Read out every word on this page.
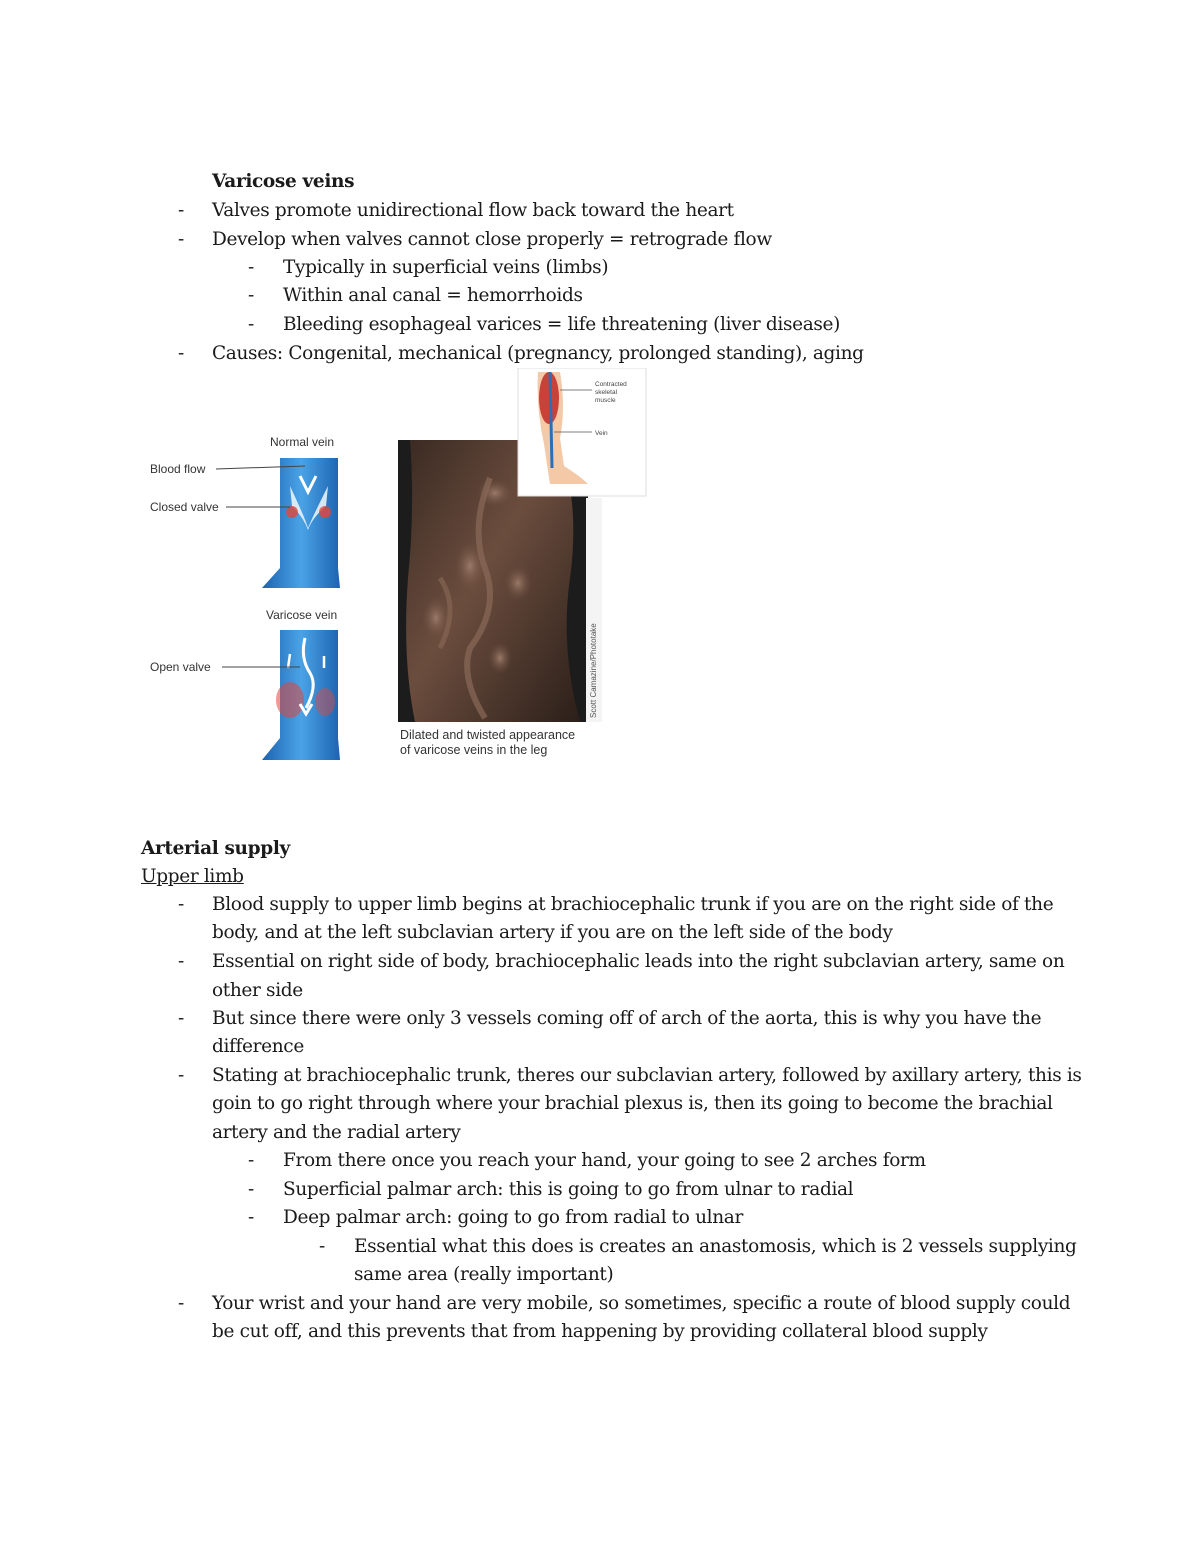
Varicose veins
- Valves promote unidirectional flow back toward the heart
- Develop when valves cannot close properly = retrograde flow
- Typically in superficial veins (limbs)
- Within anal canal = hemorrhoids
- Bleeding esophageal varices = life threatening (liver disease)
- Causes: Congenital, mechanical (pregnancy, prolonged standing), aging
Normal vein
Blood flow
Closed valve
Varicose vein
Open valve	Scott Camazine/Phototake
Dilated and twisted appearance
of varicose veins in the leg
Contracted
skeletal
muscle
Vein
Arterial supply
Upper limb
- Blood supply to upper limb begins at brachiocephalic trunk if you are on the right side of the
body, and at the left subclavian artery if you are on the left side of the body
- Essential on right side of body, brachiocephalic leads into the right subclavian artery, same on
other side
- But since there were only 3 vessels coming off of arch of the aorta, this is why you have the
difference
- Stating at brachiocephalic trunk, theres our subclavian artery, followed by axillary artery, this is
goin to go right through where your brachial plexus is, then its going to become the brachial
artery and the radial artery
- From there once you reach your hand, your going to see 2 arches form
- Superficial palmar arch: this is going to go from ulnar to radial
- Deep palmar arch: going to go from radial to ulnar
- Essential what this does is creates an anastomosis, which is 2 vessels supplying
same area (really important)
- Your wrist and your hand are very mobile, so sometimes, specific a route of blood supply could
be cut off, and this prevents that from happening by providing collateral blood supply
